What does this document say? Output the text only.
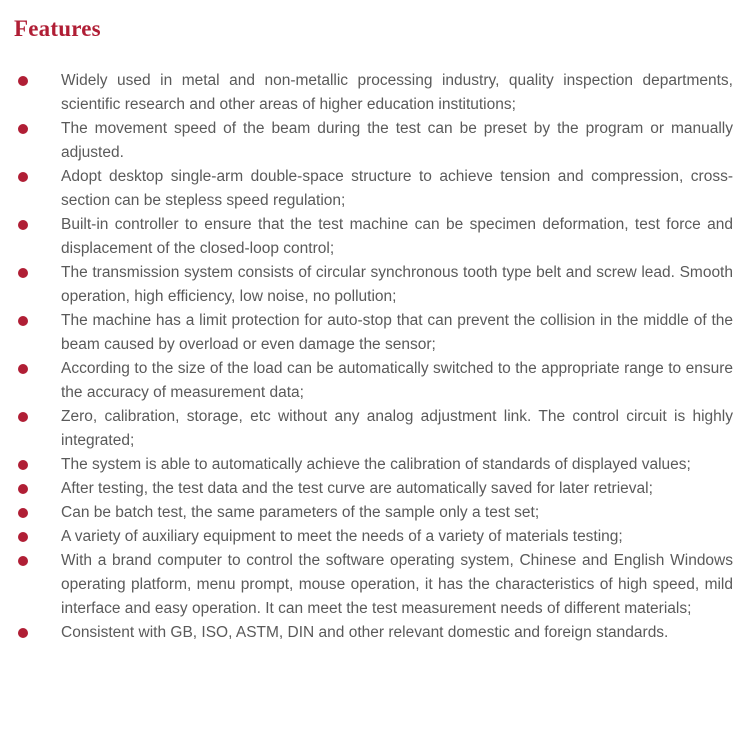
Features
Widely used in metal and non-metallic processing industry, quality inspection departments, scientific research and other areas of higher education institutions;
The movement speed of the beam during the test can be preset by the program or manually adjusted.
Adopt desktop single-arm double-space structure to achieve tension and compression, cross-section can be stepless speed regulation;
Built-in controller to ensure that the test machine can be specimen deformation, test force and displacement of the closed-loop control;
The transmission system consists of circular synchronous tooth type belt and screw lead. Smooth operation, high efficiency, low noise, no pollution;
The machine has a limit protection for auto-stop that can prevent the collision in the middle of the beam caused by overload or even damage the sensor;
According to the size of the load can be automatically switched to the appropriate range to ensure the accuracy of measurement data;
Zero, calibration, storage, etc without any analog adjustment link. The control circuit is highly integrated;
The system is able to automatically achieve the calibration of standards of displayed values;
After testing, the test data and the test curve are automatically saved for later retrieval;
Can be batch test, the same parameters of the sample only a test set;
A variety of auxiliary equipment to meet the needs of a variety of materials testing;
With a brand computer to control the software operating system, Chinese and English Windows operating platform, menu prompt, mouse operation, it has the characteristics of high speed, mild interface and easy operation. It can meet the test measurement needs of different materials;
Consistent with GB, ISO, ASTM, DIN and other relevant domestic and foreign standards.
